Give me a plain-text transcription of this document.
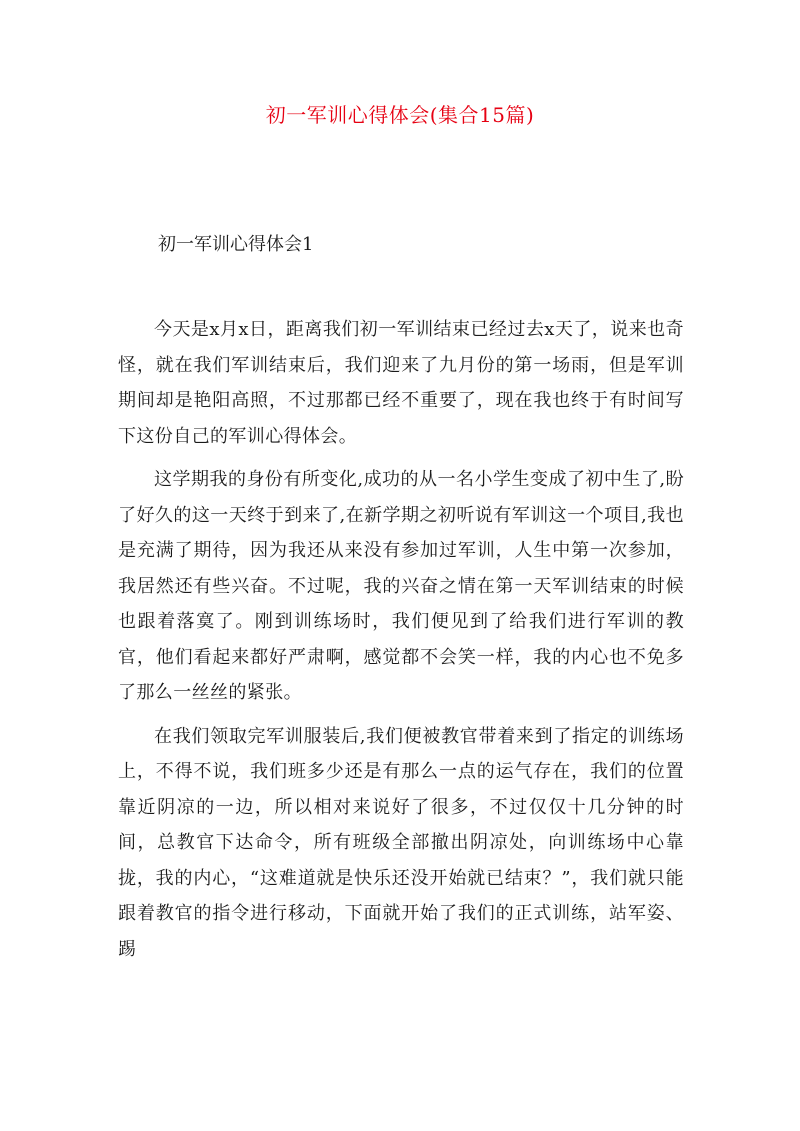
初一军训心得体会(集合15篇)
初一军训心得体会1

今天是x月x日，距离我们初一军训结束已经过去x天了，说来也奇怪，就在我们军训结束后，我们迎来了九月份的第一场雨，但是军训期间却是艳阳高照，不过那都已经不重要了，现在我也终于有时间写下这份自己的军训心得体会。

这学期我的身份有所变化,成功的从一名小学生变成了初中生了,盼了好久的这一天终于到来了,在新学期之初听说有军训这一个项目,我也是充满了期待，因为我还从来没有参加过军训，人生中第一次参加，我居然还有些兴奋。不过呢，我的兴奋之情在第一天军训结束的时候也跟着落寞了。刚到训练场时，我们便见到了给我们进行军训的教官，他们看起来都好严肃啊，感觉都不会笑一样，我的内心也不免多了那么一丝丝的紧张。

在我们领取完军训服装后,我们便被教官带着来到了指定的训练场上，不得不说，我们班多少还是有那么一点的运气存在，我们的位置靠近阴凉的一边，所以相对来说好了很多，不过仅仅十几分钟的时间，总教官下达命令，所有班级全部撤出阴凉处，向训练场中心靠拢，我的内心，“这难道就是快乐还没开始就已结束？”，我们就只能跟着教官的指令进行移动，下面就开始了我们的正式训练，站军姿、踢
